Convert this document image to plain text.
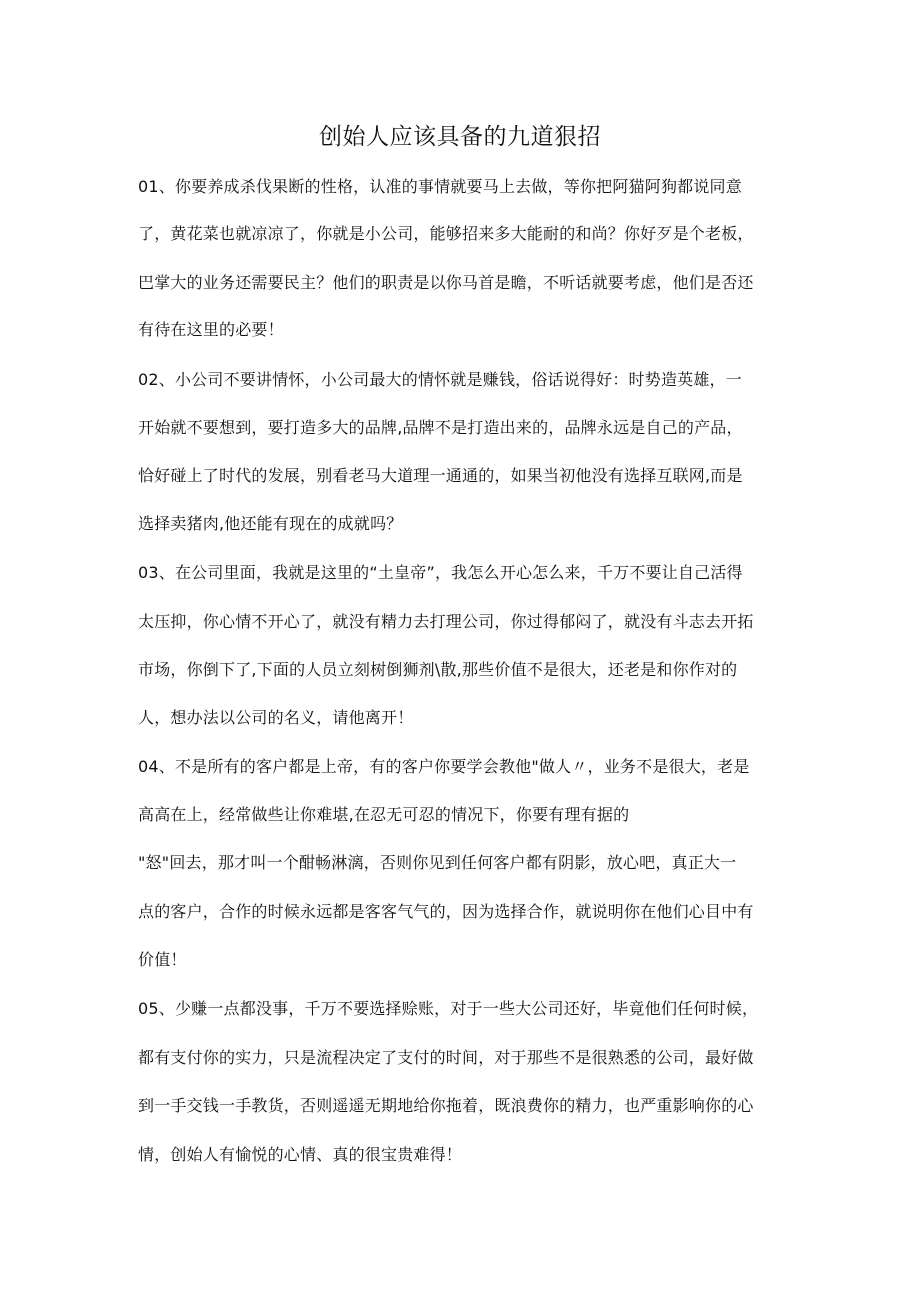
创始人应该具备的九道狠招
01、你要养成杀伐果断的性格，认准的事情就要马上去做，等你把阿猫阿狗都说同意
了，黄花菜也就凉凉了，你就是小公司，能够招来多大能耐的和尚？你好歹是个老板，
巴掌大的业务还需要民主？他们的职责是以你马首是瞻，不听话就要考虑，他们是否还
有待在这里的必要！
02、小公司不要讲情怀，小公司最大的情怀就是赚钱，俗话说得好：时势造英雄，一
开始就不要想到，要打造多大的品牌,品牌不是打造出来的，品牌永远是自己的产品，
恰好碰上了时代的发展，别看老马大道理一通通的，如果当初他没有选择互联网,而是
选择卖猪肉,他还能有现在的成就吗？
03、在公司里面，我就是这里的“土皇帝”，我怎么开心怎么来，千万不要让自己活得
太压抑，你心情不开心了，就没有精力去打理公司，你过得郁闷了，就没有斗志去开拓
市场，你倒下了,下面的人员立刻树倒狮剂\散,那些价值不是很大，还老是和你作对的
人，想办法以公司的名义，请他离开！
04、不是所有的客户都是上帝，有的客户你要学会教他"做人〃，业务不是很大，老是
高高在上，经常做些让你难堪,在忍无可忍的情况下，你要有理有据的
"怒"回去，那才叫一个酣畅淋漓，否则你见到任何客户都有阴影，放心吧，真正大一
点的客户，合作的时候永远都是客客气气的，因为选择合作，就说明你在他们心目中有
价值！
05、少赚一点都没事，千万不要选择赊账，对于一些大公司还好，毕竟他们任何时候，
都有支付你的实力，只是流程决定了支付的时间，对于那些不是很熟悉的公司，最好做
到一手交钱一手教货，否则遥遥无期地给你拖着，既浪费你的精力，也严重影响你的心
情，创始人有愉悦的心情、真的很宝贵难得！
